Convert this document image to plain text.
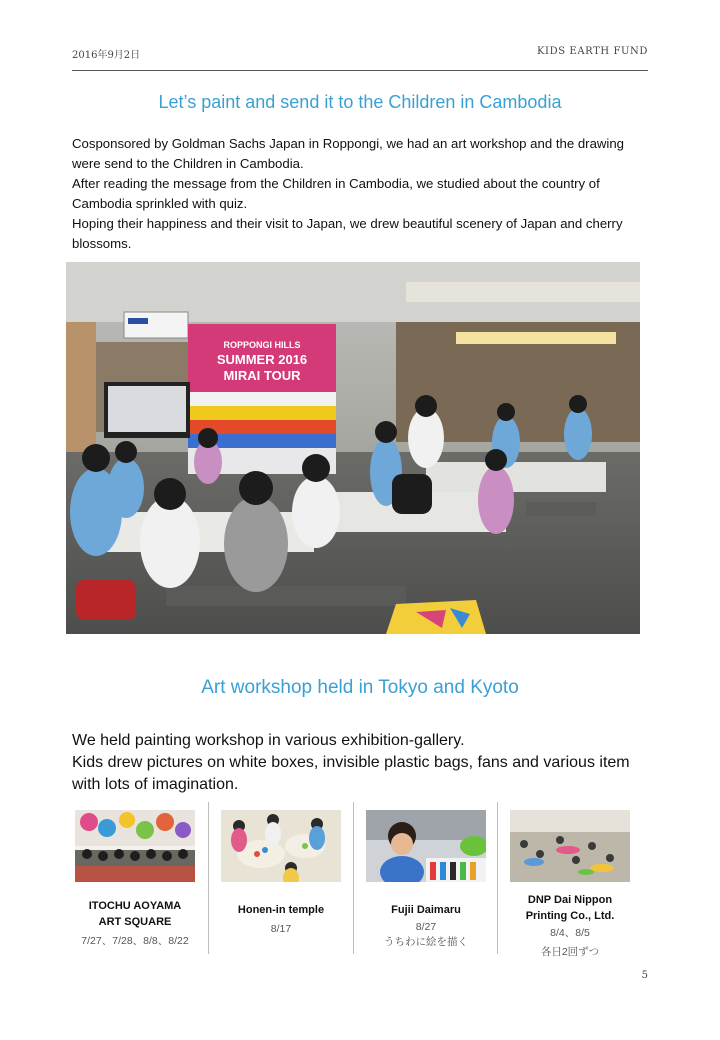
2016年9月2日	KIDS EARTH FUND
Let’s paint and send it to the Children in Cambodia

Cosponsored by Goldman Sachs Japan in Roppongi, we had an art workshop and the drawing were send to the Children in Cambodia.

After reading the message from the Children in Cambodia, we studied about the country of Cambodia sprinkled with quiz.

Hoping their happiness and their visit to Japan, we drew beautiful scenery of Japan and cherry blossoms.

ROPPONGI HILLS
SUMMER 2016
MIRAI TOUR
Art workshop held in Tokyo and Kyoto

We held painting workshop in various exhibition-gallery.

Kids drew pictures on white boxes, invisible plastic bags, fans and various item with lots of imagination.

ITOCHU AOYAMA
ART SQUARE
7/27、7/28、8/8、8/22
Honen-in temple
8/17
Fujii Daimaru
8/27
うちわに絵を描く
DNP Dai Nippon
Printing Co., Ltd.
8/4、8/5
各日2回ずつ
5
